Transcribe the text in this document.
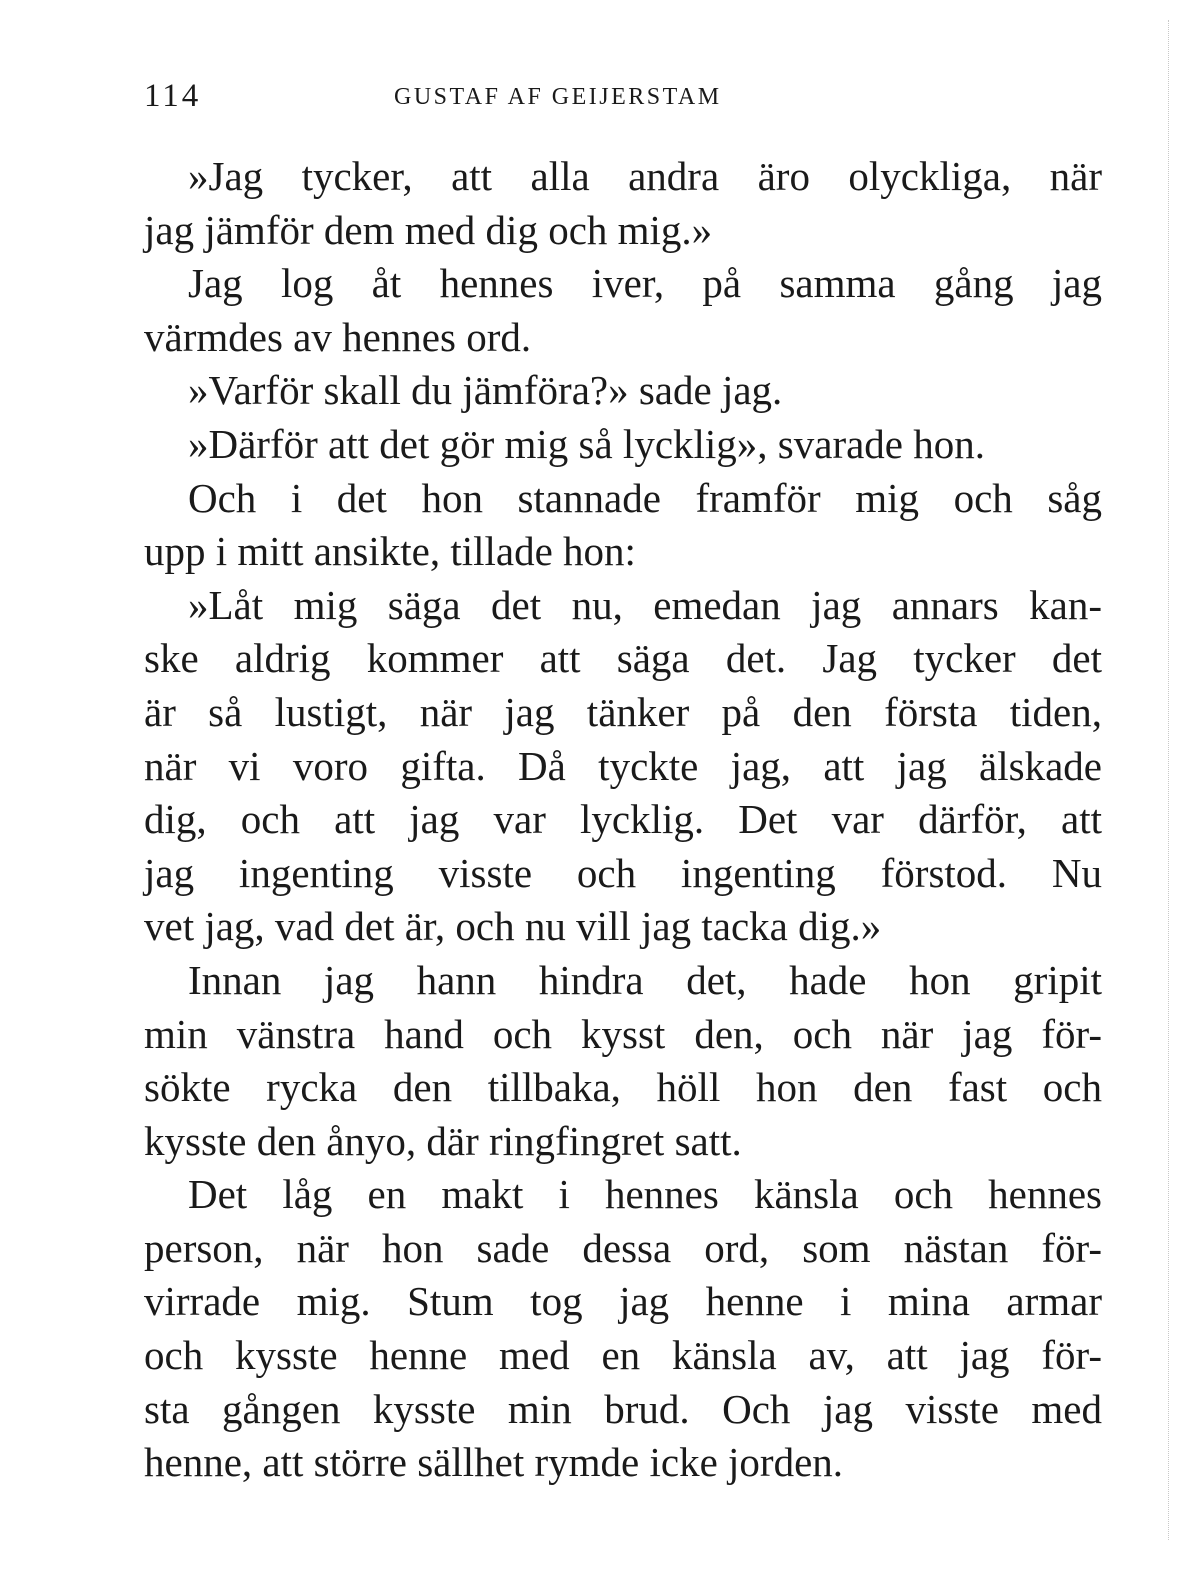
114	GUSTAF AF GEIJERSTAM
»Jag tycker, att alla andra äro olyckliga, när
jag jämför dem med dig och mig.»
Jag log åt hennes iver, på samma gång jag
värmdes av hennes ord.
»Varför skall du jämföra?» sade jag.
»Därför att det gör mig så lycklig», svarade hon.
Och i det hon stannade framför mig och såg
upp i mitt ansikte, tillade hon:
»Låt mig säga det nu, emedan jag annars kan-
ske aldrig kommer att säga det. Jag tycker det
är så lustigt, när jag tänker på den första tiden,
när vi voro gifta. Då tyckte jag, att jag älskade
dig, och att jag var lycklig. Det var därför, att
jag ingenting visste och ingenting förstod. Nu
vet jag, vad det är, och nu vill jag tacka dig.»
Innan jag hann hindra det, hade hon gripit
min vänstra hand och kysst den, och när jag för-
sökte rycka den tillbaka, höll hon den fast och
kysste den ånyo, där ringfingret satt.
Det låg en makt i hennes känsla och hennes
person, när hon sade dessa ord, som nästan för-
virrade mig. Stum tog jag henne i mina armar
och kysste henne med en känsla av, att jag för-
sta gången kysste min brud. Och jag visste med
henne, att större sällhet rymde icke jorden.
